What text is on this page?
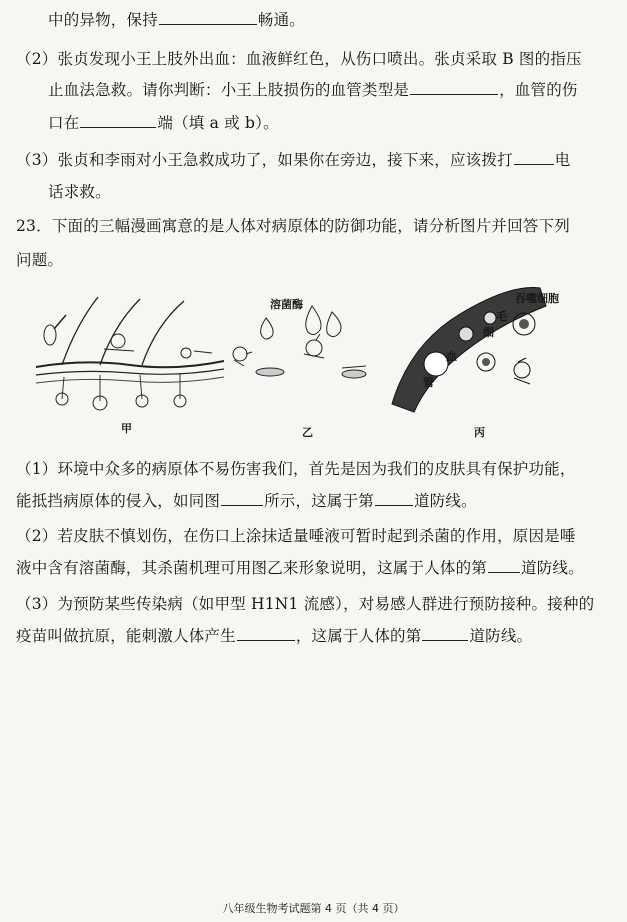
中的异物，保持	畅通。
（2）张贞发现小王上肢外出血：血液鲜红色，从伤口喷出。张贞采取 B 图的指压
止血法急救。请你判断：小王上肢损伤的血管类型是	，血管的伤
口在	端（填 a 或 b）。
（3）张贞和李雨对小王急救成功了，如果你在旁边，接下来，应该拨打	电
话求救。
23．下面的三幅漫画寓意的是人体对病原体的防御功能，请分析图片并回答下列
问题。
甲
溶菌酶
乙
吞噬细胞
毛
细
血
管
丙
（1）环境中众多的病原体不易伤害我们，首先是因为我们的皮肤具有保护功能，
能抵挡病原体的侵入，如同图	所示，这属于第	道防线。
（2）若皮肤不慎划伤，在伤口上涂抹适量唾液可暂时起到杀菌的作用，原因是唾
液中含有溶菌酶，其杀菌机理可用图乙来形象说明，这属于人体的第 道防线。
（3）为预防某些传染病（如甲型 H1N1 流感），对易感人群进行预防接种。接种的
疫苗叫做抗原，能刺激人体产生	，这属于人体的第	道防线。
八年级生物考试题第 4 页（共 4 页）
